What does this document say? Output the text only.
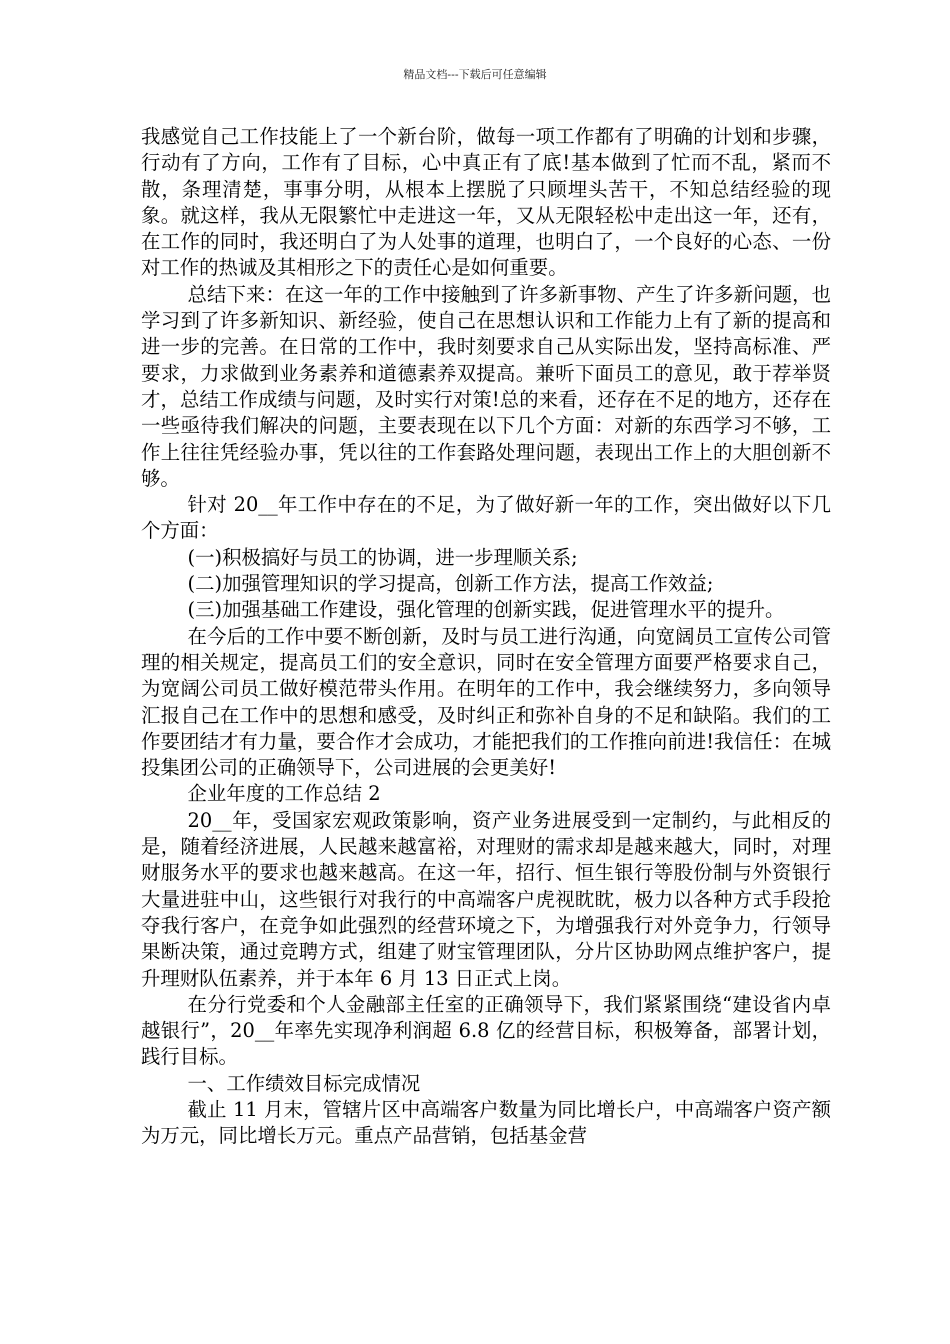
精品文档---下载后可任意编辑

我感觉自己工作技能上了一个新台阶，做每一项工作都有了明确的计划和步骤，行动有了方向，工作有了目标，心中真正有了底!基本做到了忙而不乱，紧而不散，条理清楚，事事分明，从根本上摆脱了只顾埋头苦干，不知总结经验的现象。就这样，我从无限繁忙中走进这一年，又从无限轻松中走出这一年，还有，在工作的同时，我还明白了为人处事的道理，也明白了，一个良好的心态、一份对工作的热诚及其相形之下的责任心是如何重要。

总结下来：在这一年的工作中接触到了许多新事物、产生了许多新问题，也学习到了许多新知识、新经验，使自己在思想认识和工作能力上有了新的提高和进一步的完善。在日常的工作中，我时刻要求自己从实际出发，坚持高标准、严要求，力求做到业务素养和道德素养双提高。兼听下面员工的意见，敢于荐举贤才，总结工作成绩与问题，及时实行对策!总的来看，还存在不足的地方，还存在一些亟待我们解决的问题，主要表现在以下几个方面：对新的东西学习不够，工作上往往凭经验办事，凭以往的工作套路处理问题，表现出工作上的大胆创新不够。

针对 20__年工作中存在的不足，为了做好新一年的工作，突出做好以下几个方面：

(一)积极搞好与员工的协调，进一步理顺关系;

(二)加强管理知识的学习提高，创新工作方法，提高工作效益;

(三)加强基础工作建设，强化管理的创新实践，促进管理水平的提升。

在今后的工作中要不断创新，及时与员工进行沟通，向宽阔员工宣传公司管理的相关规定，提高员工们的安全意识，同时在安全管理方面要严格要求自己，为宽阔公司员工做好模范带头作用。在明年的工作中，我会继续努力，多向领导汇报自己在工作中的思想和感受，及时纠正和弥补自身的不足和缺陷。我们的工作要团结才有力量，要合作才会成功，才能把我们的工作推向前进!我信任：在城投集团公司的正确领导下，公司进展的会更美好!

企业年度的工作总结 2

20__年，受国家宏观政策影响，资产业务进展受到一定制约，与此相反的是，随着经济进展，人民越来越富裕，对理财的需求却是越来越大，同时，对理财服务水平的要求也越来越高。在这一年，招行、恒生银行等股份制与外资银行大量进驻中山，这些银行对我行的中高端客户虎视眈眈，极力以各种方式手段抢夺我行客户，在竞争如此强烈的经营环境之下，为增强我行对外竞争力，行领导果断决策，通过竞聘方式，组建了财宝管理团队，分片区协助网点维护客户，提升理财队伍素养，并于本年 6 月 13 日正式上岗。

在分行党委和个人金融部主任室的正确领导下，我们紧紧围绕“建设省内卓越银行”，20__年率先实现净利润超 6.8 亿的经营目标，积极筹备，部署计划，践行目标。

一、工作绩效目标完成情况

截止 11 月末，管辖片区中高端客户数量为同比增长户，中高端客户资产额为万元，同比增长万元。重点产品营销，包括基金营
